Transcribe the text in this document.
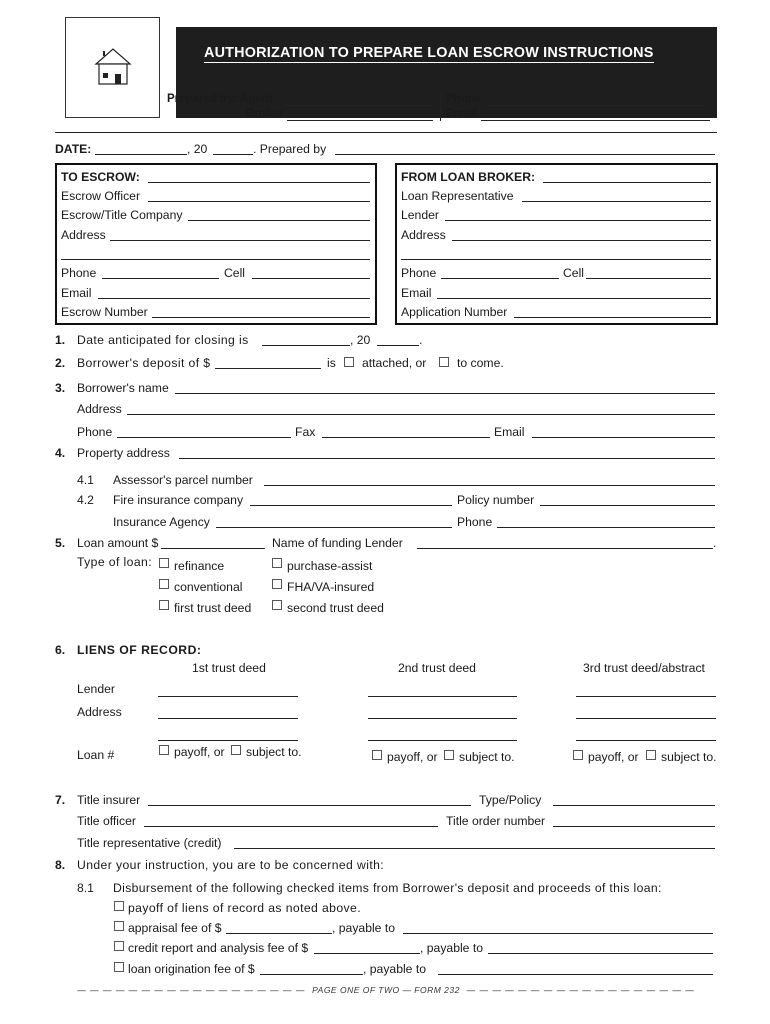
AUTHORIZATION TO PREPARE LOAN ESCROW INSTRUCTIONS
Prepared by: Agent
Broker
Phone
Email
DATE:	, 20	. Prepared by
TO ESCROW:
Escrow Officer
Escrow/Title Company
Address
Phone	Cell
Email
Escrow Number
FROM LOAN BROKER:
Loan Representative
Lender
Address
Phone	Cell
Email
Application Number
1. Date anticipated for closing is	, 20	.
2. Borrower's deposit of $	is attached, or	to come.
3. Borrower's name
Address
Phone	Fax	Email
4. Property address
4.1 Assessor's parcel number
4.2 Fire insurance company	Policy number
Insurance Agency	Phone
5. Loan amount $	Name of funding Lender	.
Type of loan: refinance	purchase-assist
conventional	FHA/VA-insured
first trust deed	second trust deed
6. LIENS OF RECORD:
1st trust deed	2nd trust deed	3rd trust deed/abstract
Lender
Address
Loan #	payoff, or subject to.	payoff, or subject to.	payoff, or subject to.
7. Title insurer	Type/Policy
Title officer	Title order number
Title representative (credit)
8. Under your instruction, you are to be concerned with:
8.1 Disbursement of the following checked items from Borrower's deposit and proceeds of this loan:
payoff of liens of record as noted above.
appraisal fee of $	, payable to
credit report and analysis fee of $	, payable to
loan origination fee of $	, payable to
— — — — — — — — — — — — — — — — — —  PAGE ONE OF TWO — FORM 232  — — — — — — — — — — — — — — — — — —
